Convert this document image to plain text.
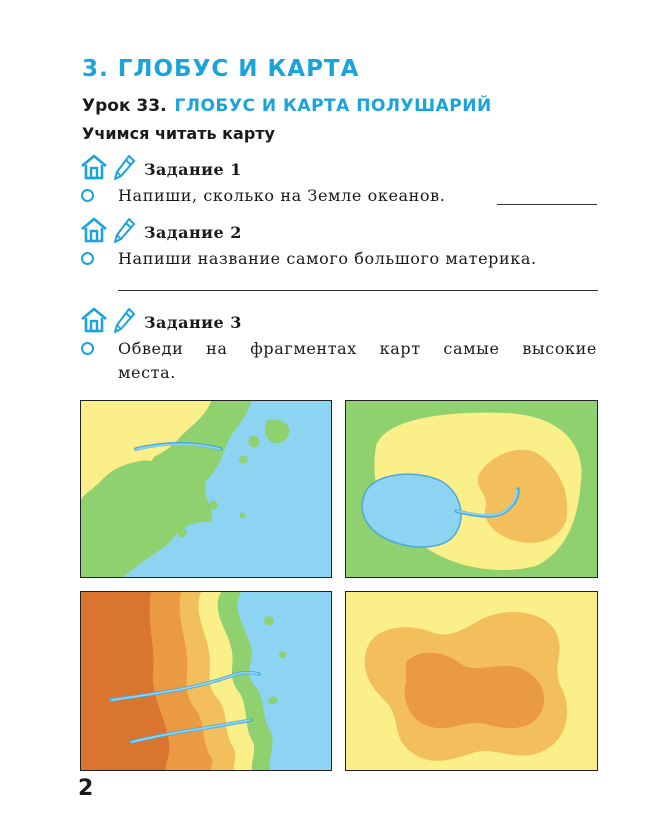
3. ГЛОБУС И КАРТА
Урок 33. ГЛОБУС И КАРТА ПОЛУШАРИЙ
Учимся читать карту
Задание 1
Напиши, сколько на Земле океанов.
Задание 2
Напиши название самого большого материка.
Задание 3
Обведи на фрагментах карт самые высокие
места.
2
